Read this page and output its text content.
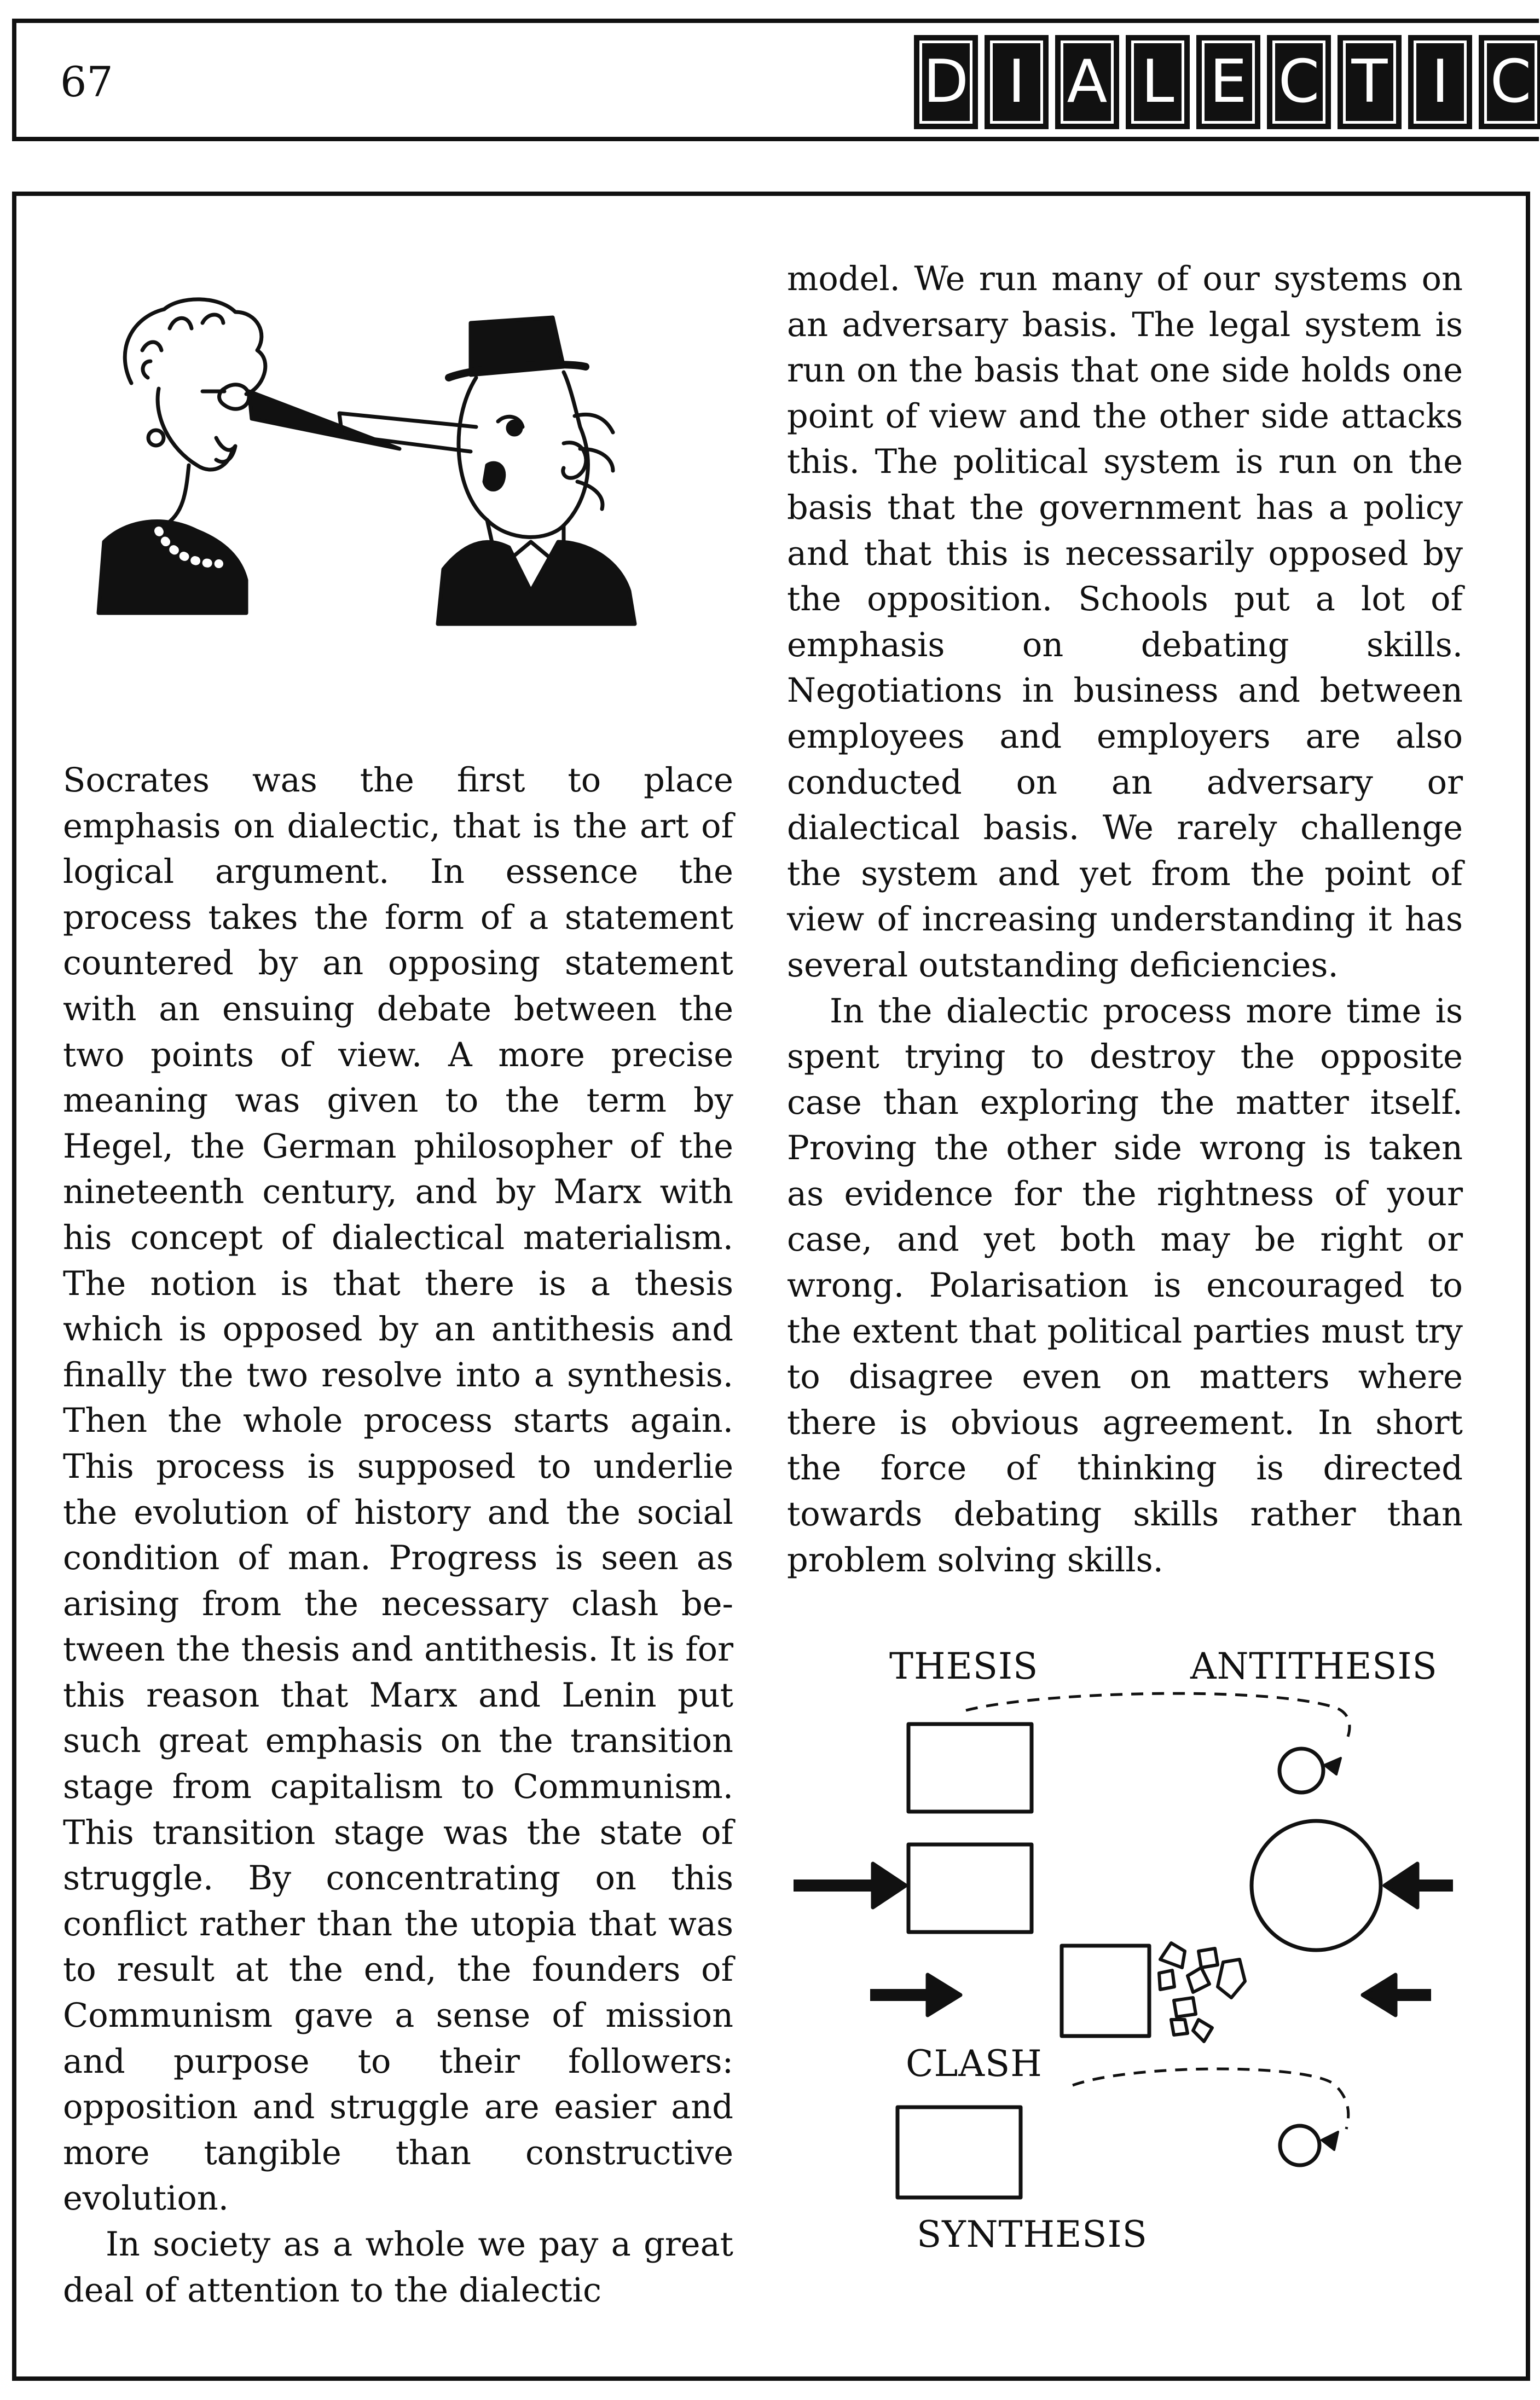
67	D I A L E C T I C

Socrates was the first to place emphasis on dialectic, that is the art of logical argument. In essence the process takes the form of a statement countered by an opposing statement with an ensuing debate between the two points of view. A more precise meaning was given to the term by Hegel, the German philosopher of the nineteenth century, and by Marx with his concept of dialectical materialism. The notion is that there is a thesis which is opposed by an antithesis and finally the two resolve into a synthesis. Then the whole process starts again. This process is supposed to underlie the evolution of history and the social condition of man. Progress is seen as arising from the necessary clash between the thesis and antithesis. It is for this reason that Marx and Lenin put such great emphasis on the transition stage from capitalism to Communism. This transition stage was the state of struggle. By concentrating on this conflict rather than the utopia that was to result at the end, the founders of Communism gave a sense of mission and purpose to their followers: opposition and struggle are easier and more tangible than constructive evolution.

In society as a whole we pay a great deal of attention to the dialectic

model. We run many of our systems on an adversary basis. The legal system is run on the basis that one side holds one point of view and the other side attacks this. The political system is run on the basis that the government has a policy and that this is necessarily opposed by the opposition. Schools put a lot of emphasis on debating skills. Negotiations in business and between employees and employers are also conducted on an adversary or dialectical basis. We rarely challenge the system and yet from the point of view of increasing understanding it has several outstanding deficiencies.

In the dialectic process more time is spent trying to destroy the opposite case than exploring the matter itself. Proving the other side wrong is taken as evidence for the rightness of your case, and yet both may be right or wrong. Polarisation is encouraged to the extent that political parties must try to disagree even on matters where there is obvious agreement. In short the force of thinking is directed towards debating skills rather than problem solving skills.

THESIS	ANTITHESIS
CLASH
SYNTHESIS
